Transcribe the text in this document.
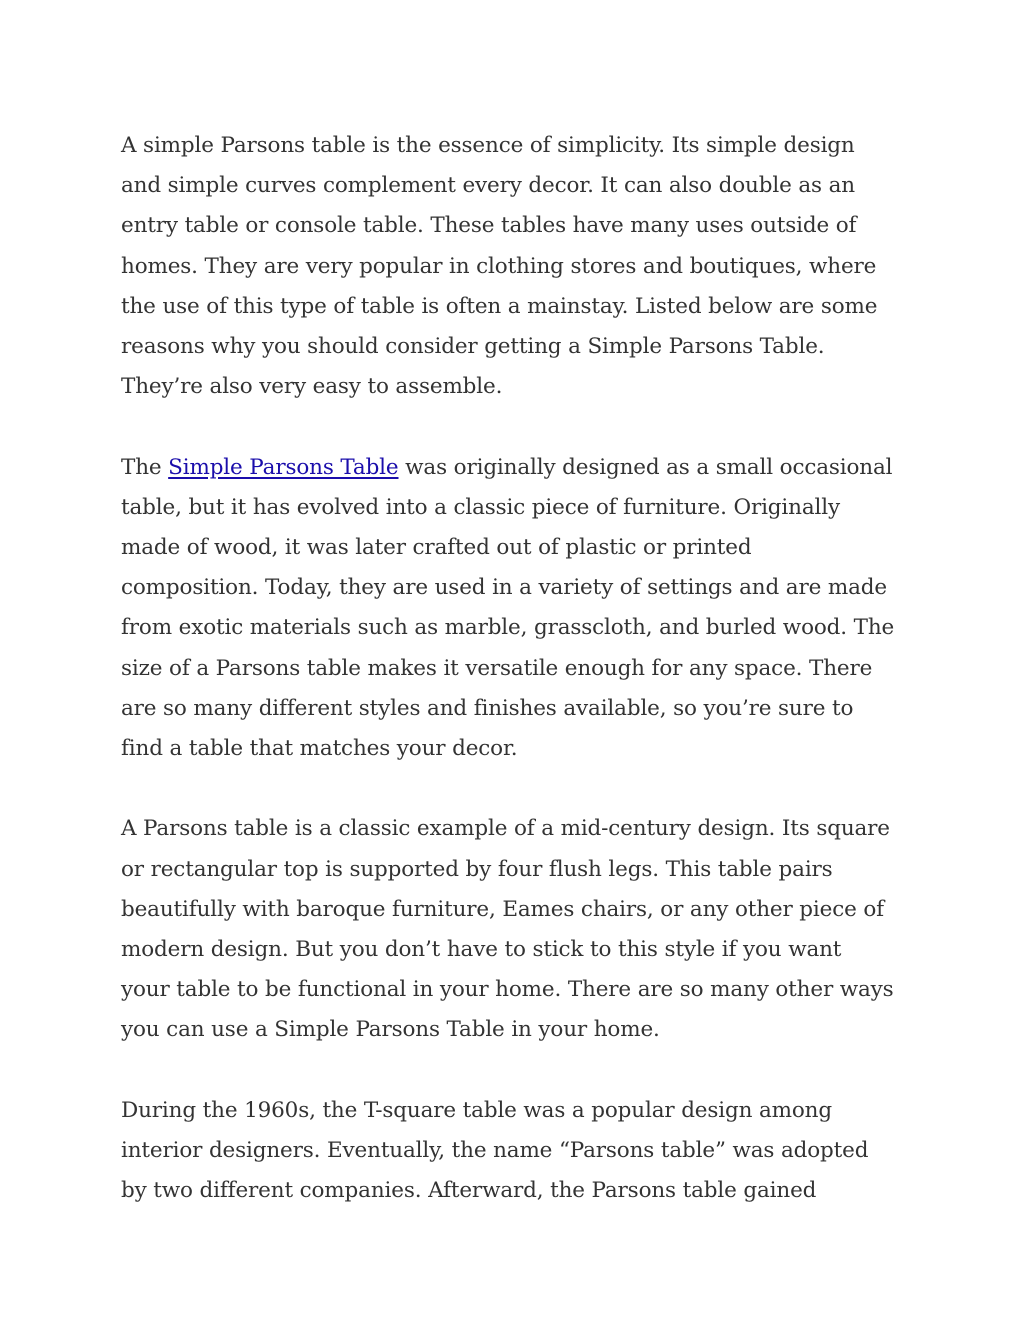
A simple Parsons table is the essence of simplicity. Its simple design
and simple curves complement every decor. It can also double as an
entry table or console table. These tables have many uses outside of
homes. They are very popular in clothing stores and boutiques, where
the use of this type of table is often a mainstay. Listed below are some
reasons why you should consider getting a Simple Parsons Table.
They’re also very easy to assemble.

The Simple Parsons Table was originally designed as a small occasional
table, but it has evolved into a classic piece of furniture. Originally
made of wood, it was later crafted out of plastic or printed
composition. Today, they are used in a variety of settings and are made
from exotic materials such as marble, grasscloth, and burled wood. The
size of a Parsons table makes it versatile enough for any space. There
are so many different styles and finishes available, so you’re sure to
find a table that matches your decor.

A Parsons table is a classic example of a mid-century design. Its square
or rectangular top is supported by four flush legs. This table pairs
beautifully with baroque furniture, Eames chairs, or any other piece of
modern design. But you don’t have to stick to this style if you want
your table to be functional in your home. There are so many other ways
you can use a Simple Parsons Table in your home.

During the 1960s, the T-square table was a popular design among
interior designers. Eventually, the name “Parsons table” was adopted
by two different companies. Afterward, the Parsons table gained
